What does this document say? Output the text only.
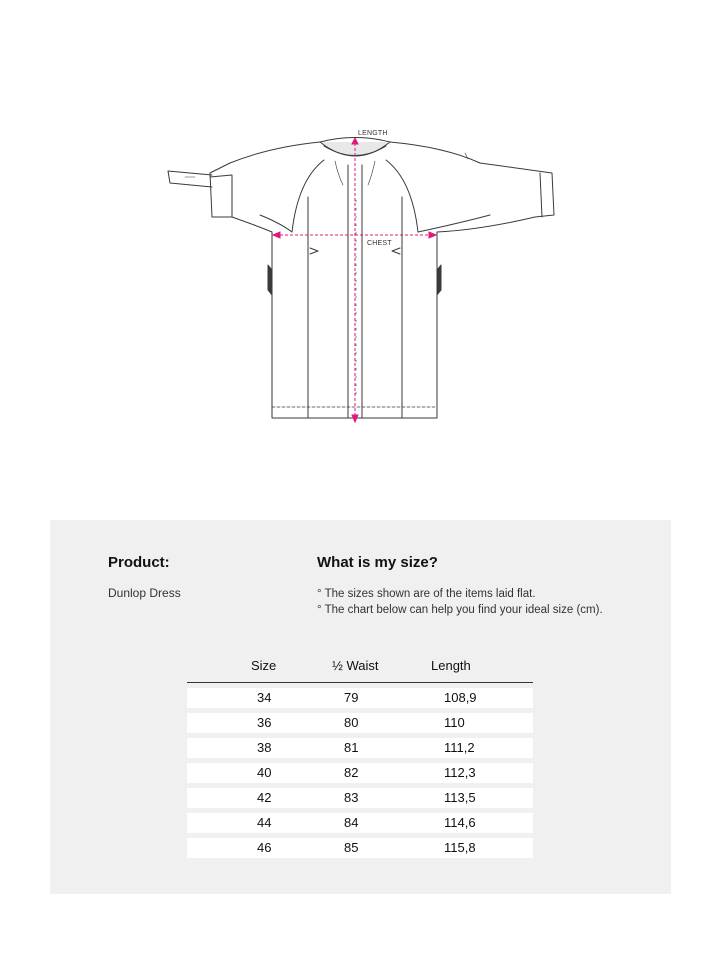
LENGTH
CHEST
Product:
Dunlop Dress
What is my size?
° The sizes shown are of the items laid flat.
° The chart below can help you find your ideal size (cm).
Size	½ Waist	Length
34	79	108,9
36	80	110
38	81	111,2
40	82	112,3
42	83	113,5
44	84	114,6
46	85	115,8
